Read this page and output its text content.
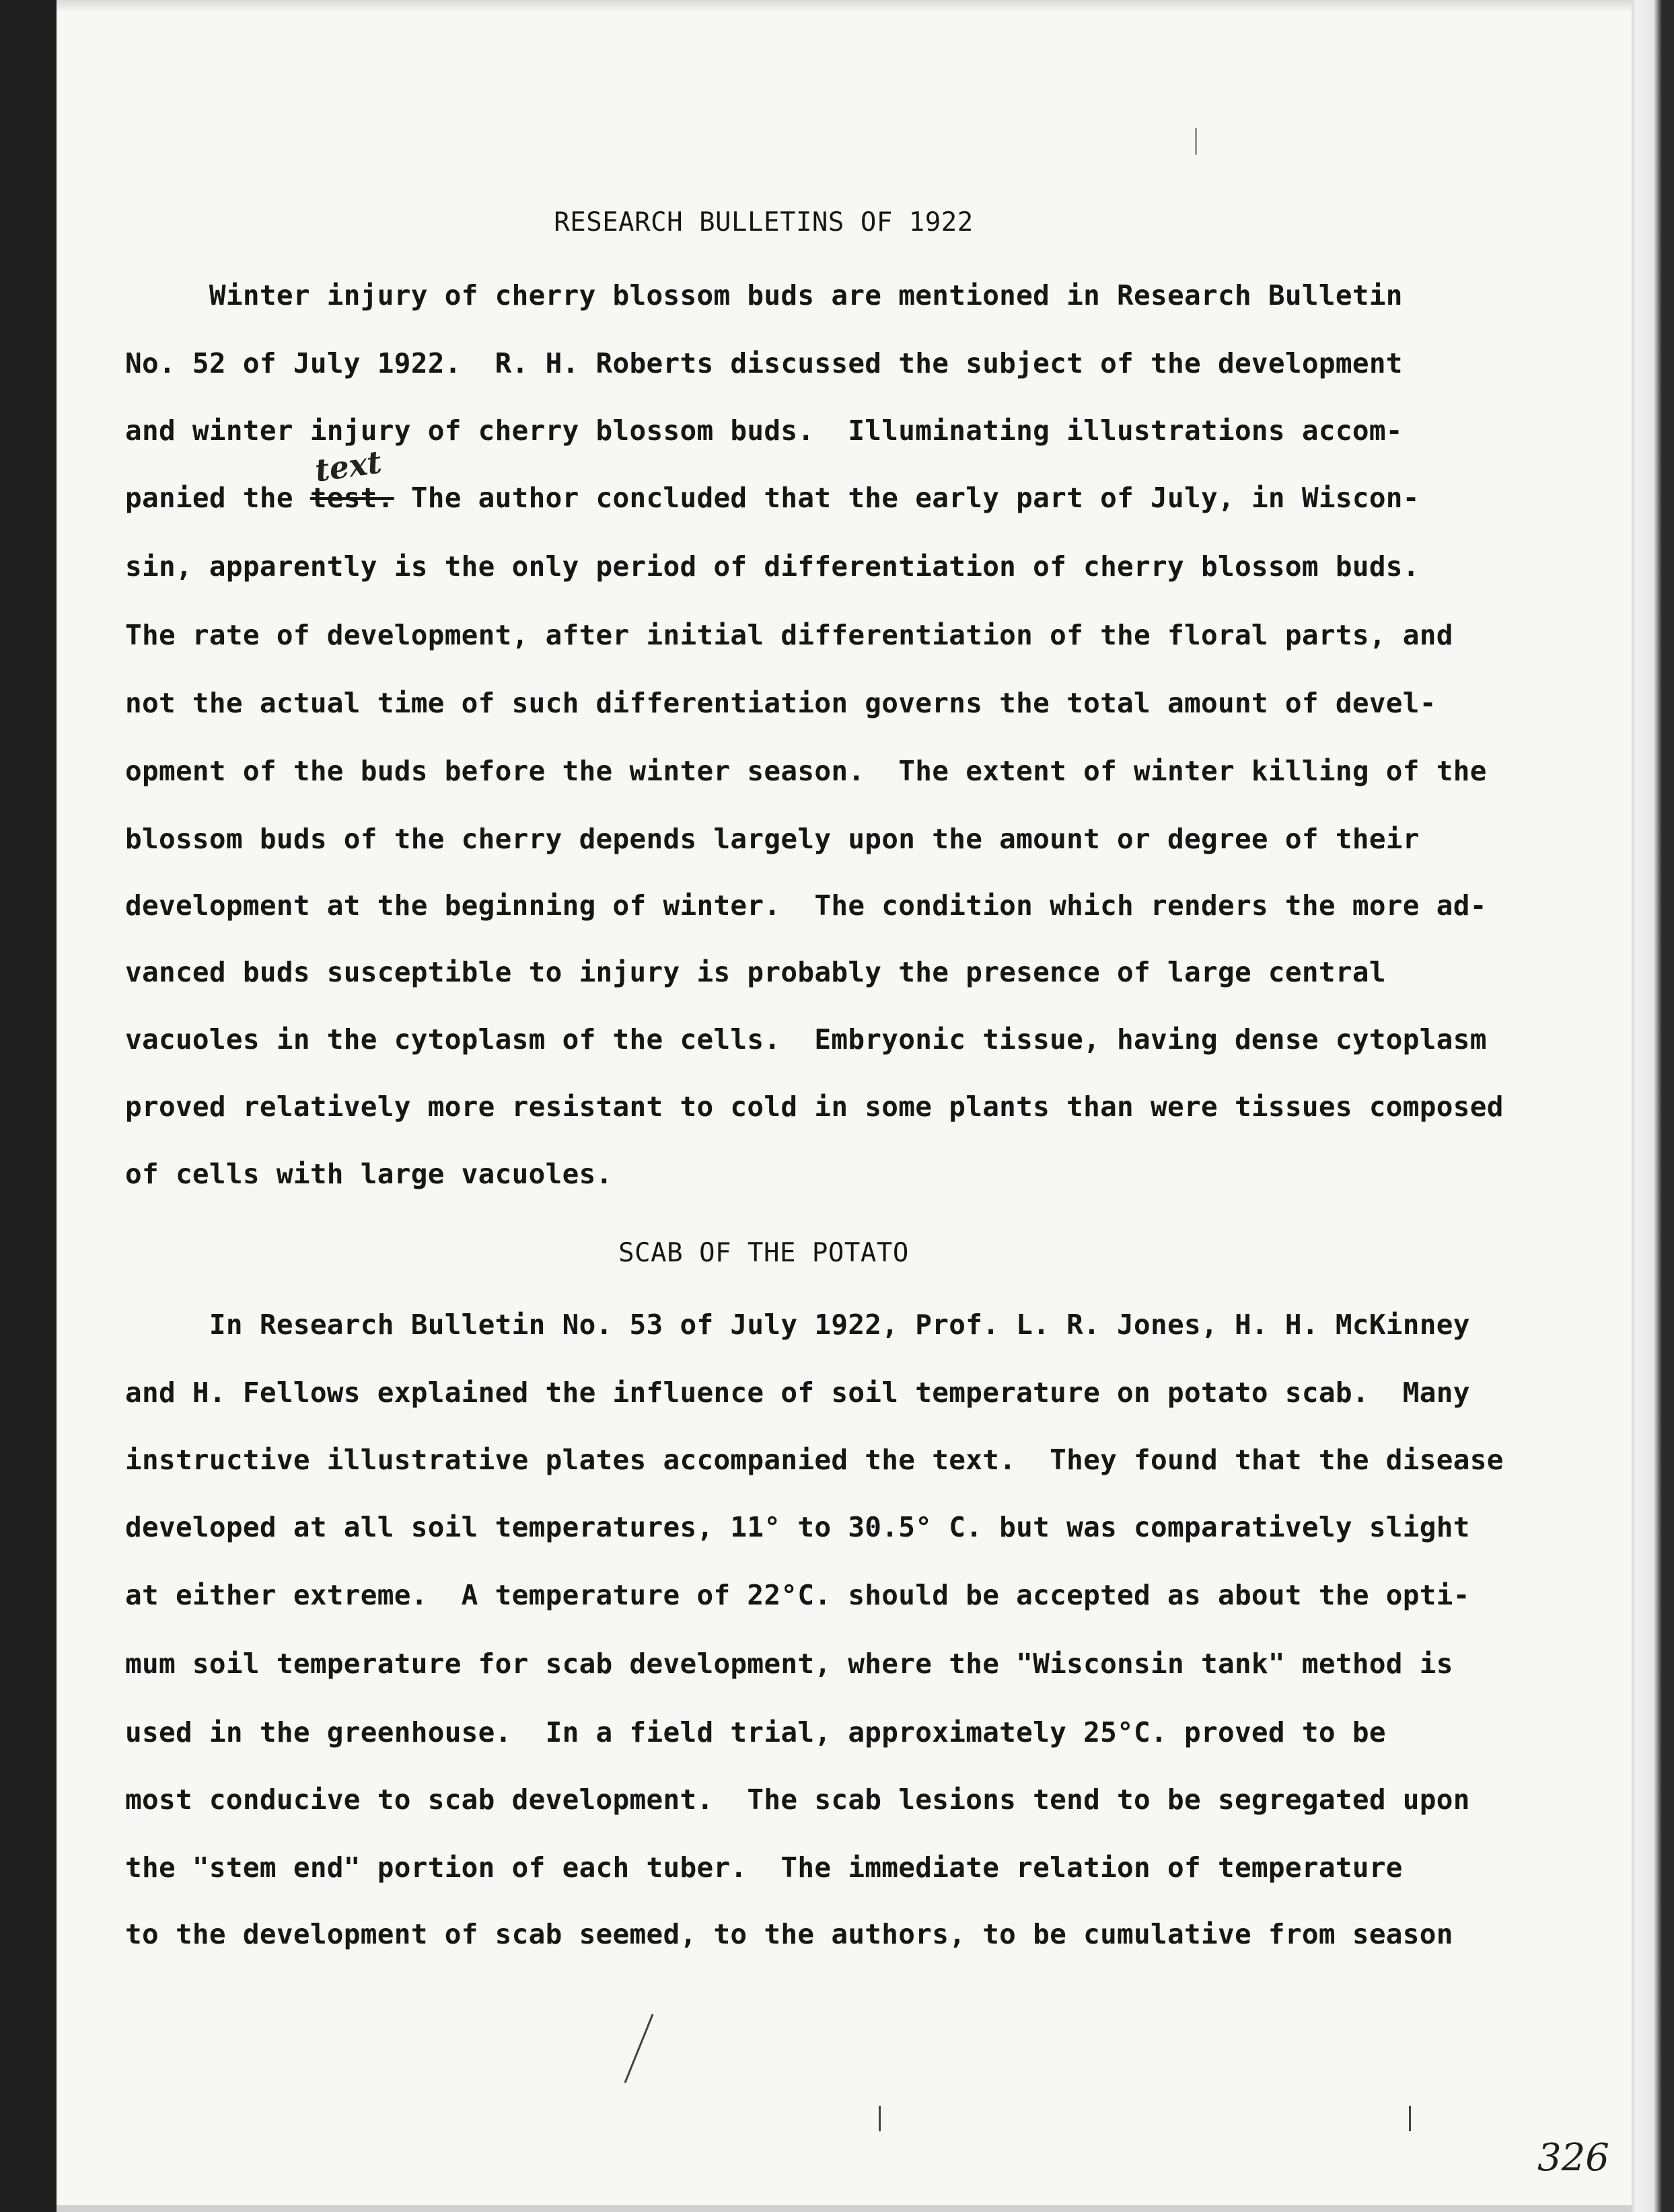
RESEARCH BULLETINS OF 1922
Winter injury of cherry blossom buds are mentioned in Research Bulletin
No. 52 of July 1922.  R. H. Roberts discussed the subject of the development
and winter injury of cherry blossom buds.  Illuminating illustrations accom-
panied the test. The author concluded that the early part of July, in Wiscon-
text
sin, apparently is the only period of differentiation of cherry blossom buds.
The rate of development, after initial differentiation of the floral parts, and
not the actual time of such differentiation governs the total amount of devel-
opment of the buds before the winter season.  The extent of winter killing of the
blossom buds of the cherry depends largely upon the amount or degree of their
development at the beginning of winter.  The condition which renders the more ad-
vanced buds susceptible to injury is probably the presence of large central
vacuoles in the cytoplasm of the cells.  Embryonic tissue, having dense cytoplasm
proved relatively more resistant to cold in some plants than were tissues composed
of cells with large vacuoles.
SCAB OF THE POTATO
In Research Bulletin No. 53 of July 1922, Prof. L. R. Jones, H. H. McKinney
and H. Fellows explained the influence of soil temperature on potato scab.  Many
instructive illustrative plates accompanied the text.  They found that the disease
developed at all soil temperatures, 11° to 30.5° C. but was comparatively slight
at either extreme.  A temperature of 22°C. should be accepted as about the opti-
mum soil temperature for scab development, where the "Wisconsin tank" method is
used in the greenhouse.  In a field trial, approximately 25°C. proved to be
most conducive to scab development.  The scab lesions tend to be segregated upon
the "stem end" portion of each tuber.  The immediate relation of temperature
to the development of scab seemed, to the authors, to be cumulative from season
326
